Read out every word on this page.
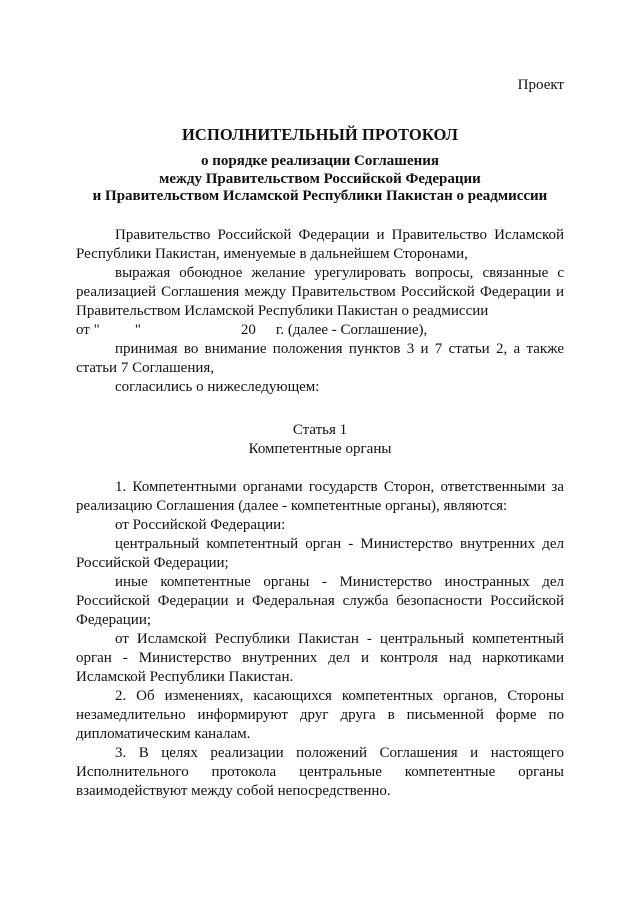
Проект
ИСПОЛНИТЕЛЬНЫЙ ПРОТОКОЛ
о порядке реализации Соглашения
между Правительством Российской Федерации
и Правительством Исламской Республики Пакистан о реадмиссии

Правительство Российской Федерации и Правительство Исламской Республики Пакистан, именуемые в дальнейшем Сторонами,

выражая обоюдное желание урегулировать вопросы, связанные с реализацией Соглашения между Правительством Российской Федерации и Правительством Исламской Республики Пакистан о реадмиссии

от " "	20 г. (далее - Соглашение),

принимая во внимание положения пунктов 3 и 7 статьи 2, а также статьи 7 Соглашения,

согласились о нижеследующем:

Статья 1
Компетентные органы

1. Компетентными органами государств Сторон, ответственными за реализацию Соглашения (далее - компетентные органы), являются:

от Российской Федерации:

центральный компетентный орган - Министерство внутренних дел Российской Федерации;

иные компетентные органы - Министерство иностранных дел Российской Федерации и Федеральная служба безопасности Российской Федерации;

от Исламской Республики Пакистан - центральный компетентный орган - Министерство внутренних дел и контроля над наркотиками Исламской Республики Пакистан.

2. Об изменениях, касающихся компетентных органов, Стороны незамедлительно информируют друг друга в письменной форме по дипломатическим каналам.

3. В целях реализации положений Соглашения и настоящего Исполнительного протокола центральные компетентные органы взаимодействуют между собой непосредственно.
